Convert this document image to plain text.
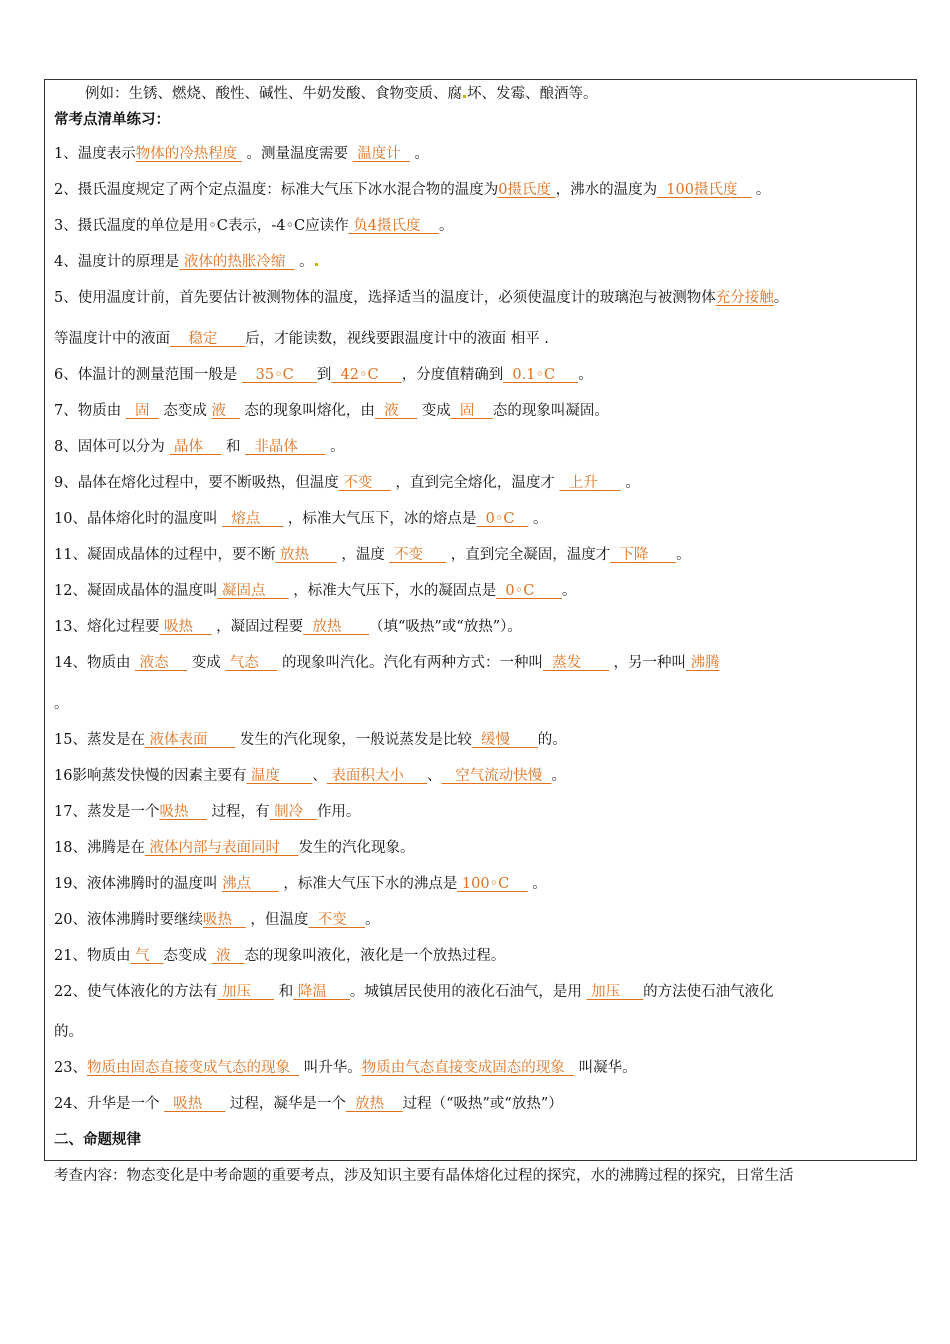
例如：生锈、燃烧、酸性、碱性、牛奶发酸、食物变质、腐 坏、发霉、酿酒等。
常考点清单练习：
1、温度表示物体的冷热程度  。测量温度需要  温度计   。
2、摄氏温度规定了两个定点温度：标准大气压下冰水混合物的温度为0摄氏度 ，沸水的温度为  100摄氏度    。
3、摄氏温度的单位是用◦C表示，-4◦C应读作 负4摄氏度    。
4、温度计的原理是 液体的热胀冷缩   。
5、使用温度计前，首先要估计被测物体的温度，选择适当的温度计，必须使温度计的玻璃泡与被测物体充分接触。
等温度计中的液面    稳定      后，才能读数，视线要跟温度计中的液面 相平 .
6、体温计的测量范围一般是    35◦C     到  42◦C     ，分度值精确到  0.1◦C     。
7、物质由   固   态变成 液    态的现象叫熔化，由  液     变成  固    态的现象叫凝固。
8、固体可以分为  晶体     和   非晶体       。
9、晶体在熔化过程中，要不断吸热，但温度 不变     ，直到完全熔化，温度才   上升      。
10、晶体熔化时的温度叫   熔点      ，标准大气压下，冰的熔点是  0◦C    。
11、凝固成晶体的过程中，要不断 放热       ，温度  不变      ，直到完全凝固，温度才  下降      。
12、凝固成晶体的温度叫 凝固点      ，标准大气压下，水的凝固点是  0◦C      。
13、熔化过程要 吸热     ，凝固过程要  放热      （填“吸热”或“放热”）。
14、物质由  液态     变成  气态     的现象叫汽化。汽化有两种方式：一种叫  蒸发       ，另一种叫 沸腾
。
15、蒸发是在 液体表面       发生的汽化现象，一般说蒸发是比较  缓慢      的。
16影响蒸发快慢的因素主要有 温度       、 表面积大小     、   空气流动快慢  。
17、蒸发是一个吸热     过程，有 制冷   作用。
18、沸腾是在 液体内部与表面同时    发生的汽化现象。
19、液体沸腾时的温度叫 沸点       ，标准大气压下水的沸点是 100◦C     。
20、液体沸腾时要继续吸热    ，但温度  不变    。
21、物质由 气   态变成  液   态的现象叫液化，液化是一个放热过程。
22、使气体液化的方法有 加压      和 降温     。城镇居民使用的液化石油气，是用  加压     的方法使石油气液化
的。
23、物质由固态直接变成气态的现象   叫升华。物质由气态直接变成固态的现象   叫凝华。
24、升华是一个   吸热      过程，凝华是一个  放热    过程（“吸热”或“放热”）
二、命题规律
考查内容：物态变化是中考命题的重要考点，涉及知识主要有晶体熔化过程的探究，水的沸腾过程的探究，日常生活
